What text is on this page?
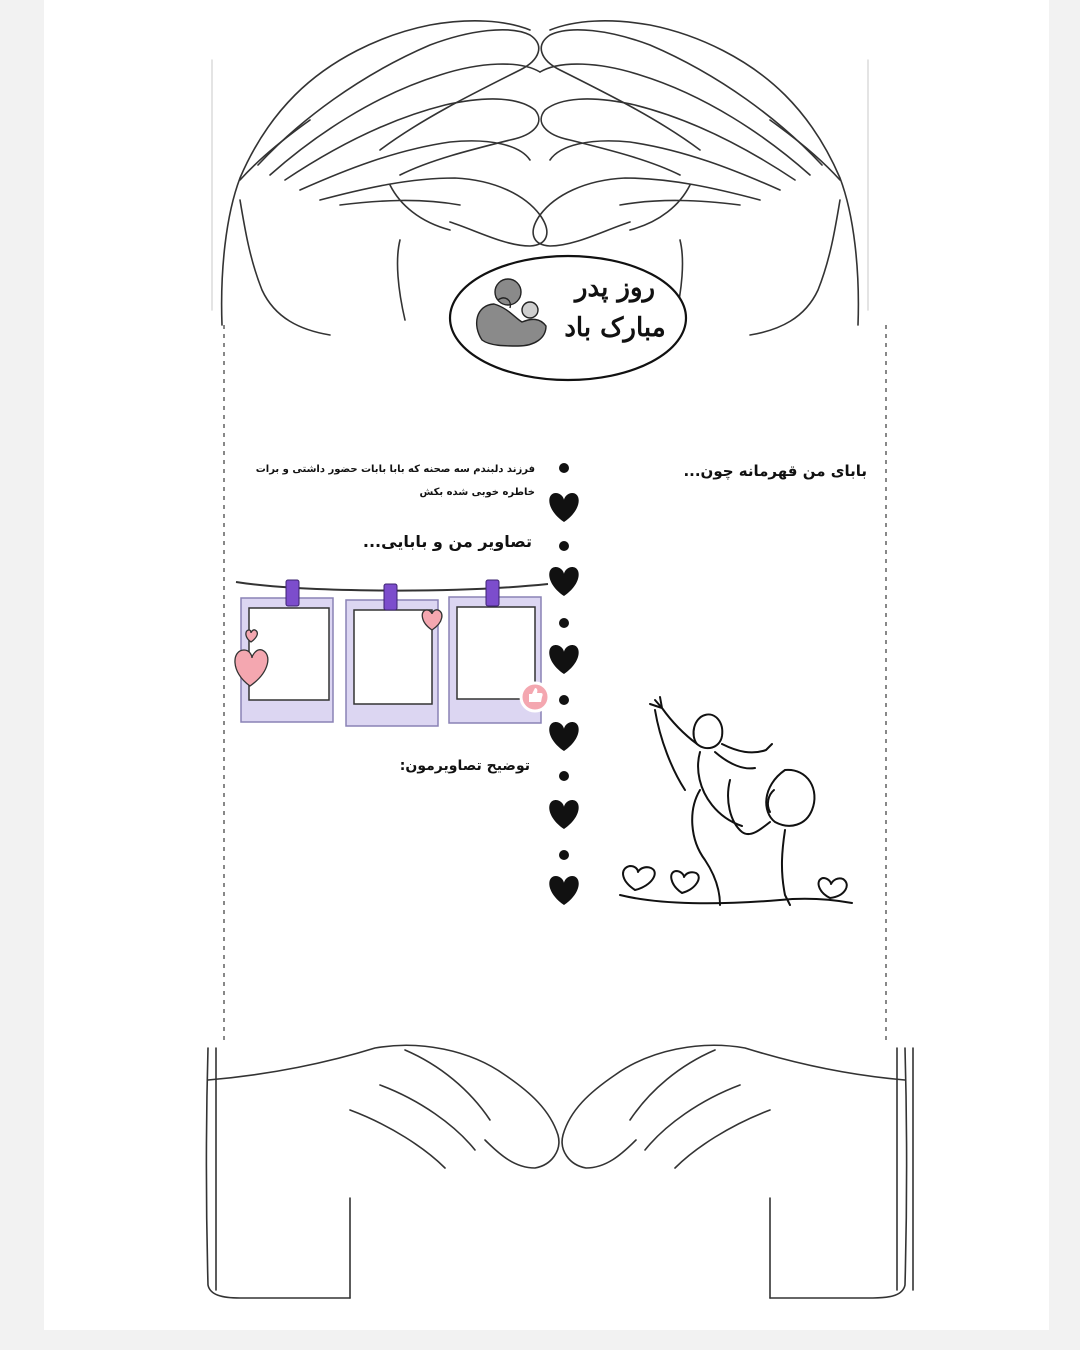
روز پدر
مبارک باد
بابای من قهرمانه چون...
فرزند دلبندم سه صحنه که بابا بابات حضور داشتی و برات
خاطره خوبی شده بکش
تصاویر من و بابایی...
توضیح تصاویرمون:
